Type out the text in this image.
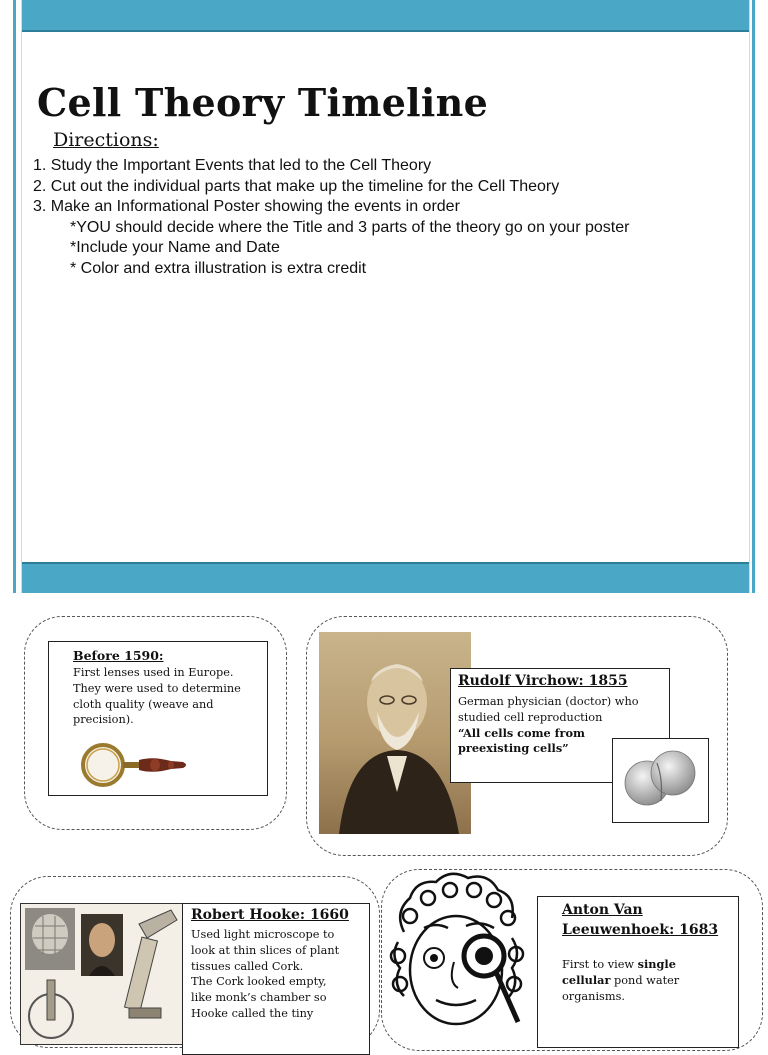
Cell Theory Timeline
Directions:
1. Study the Important Events that led to the Cell Theory
2. Cut out the individual parts that make up the timeline for the Cell Theory
3. Make an Informational Poster showing the events in order
*YOU should decide where the Title and 3 parts of the theory go on your poster
*Include your Name and Date
* Color and extra illustration is extra credit
Before 1590:
First lenses used in Europe.
They were used to determine
cloth quality (weave and
precision).
Rudolf Virchow: 1855
German physician (doctor) who
studied cell reproduction
“All cells come from
preexisting cells”
Robert Hooke: 1660
Used light microscope to
look at thin slices of plant
tissues called Cork.
The Cork looked empty,
like monk’s chamber so
Hooke called the tiny
Anton Van
Leeuwenhoek: 1683
First to view single
cellular pond water
organisms.
